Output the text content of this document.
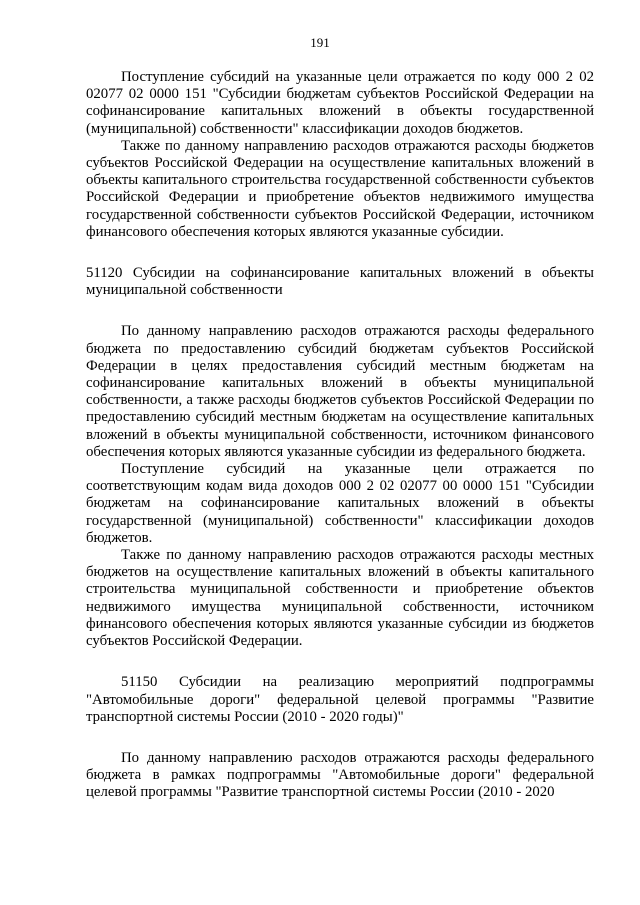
191

Поступление субсидий на указанные цели отражается по коду 000 2 02 02077 02 0000 151 "Субсидии бюджетам субъектов Российской Федерации на софинансирование капитальных вложений в объекты государственной (муниципальной) собственности" классификации доходов бюджетов.

Также по данному направлению расходов отражаются расходы бюджетов субъектов Российской Федерации на осуществление капитальных вложений в объекты капитального строительства государственной собственности субъектов Российской Федерации и приобретение объектов недвижимого имущества государственной собственности субъектов Российской Федерации, источником финансового обеспечения которых являются указанные субсидии.

51120 Субсидии на софинансирование капитальных вложений в объекты муниципальной собственности

По данному направлению расходов отражаются расходы федерального бюджета по предоставлению субсидий бюджетам субъектов Российской Федерации в целях предоставления субсидий местным бюджетам на софинансирование капитальных вложений в объекты муниципальной собственности, а также расходы бюджетов субъектов Российской Федерации по предоставлению субсидий местным бюджетам на осуществление капитальных вложений в объекты муниципальной собственности, источником финансового обеспечения которых являются указанные субсидии из федерального бюджета.

Поступление субсидий на указанные цели отражается по соответствующим кодам вида доходов 000 2 02 02077 00 0000 151 "Субсидии бюджетам на софинансирование капитальных вложений в объекты государственной (муниципальной) собственности" классификации доходов бюджетов.

Также по данному направлению расходов отражаются расходы местных бюджетов на осуществление капитальных вложений в объекты капитального строительства муниципальной собственности и приобретение объектов недвижимого имущества муниципальной собственности, источником финансового обеспечения которых являются указанные субсидии из бюджетов субъектов Российской Федерации.

51150 Субсидии на реализацию мероприятий подпрограммы "Автомобильные дороги" федеральной целевой программы "Развитие транспортной системы России (2010 - 2020 годы)"

По данному направлению расходов отражаются расходы федерального бюджета в рамках подпрограммы "Автомобильные дороги" федеральной целевой программы "Развитие транспортной системы России (2010 - 2020
